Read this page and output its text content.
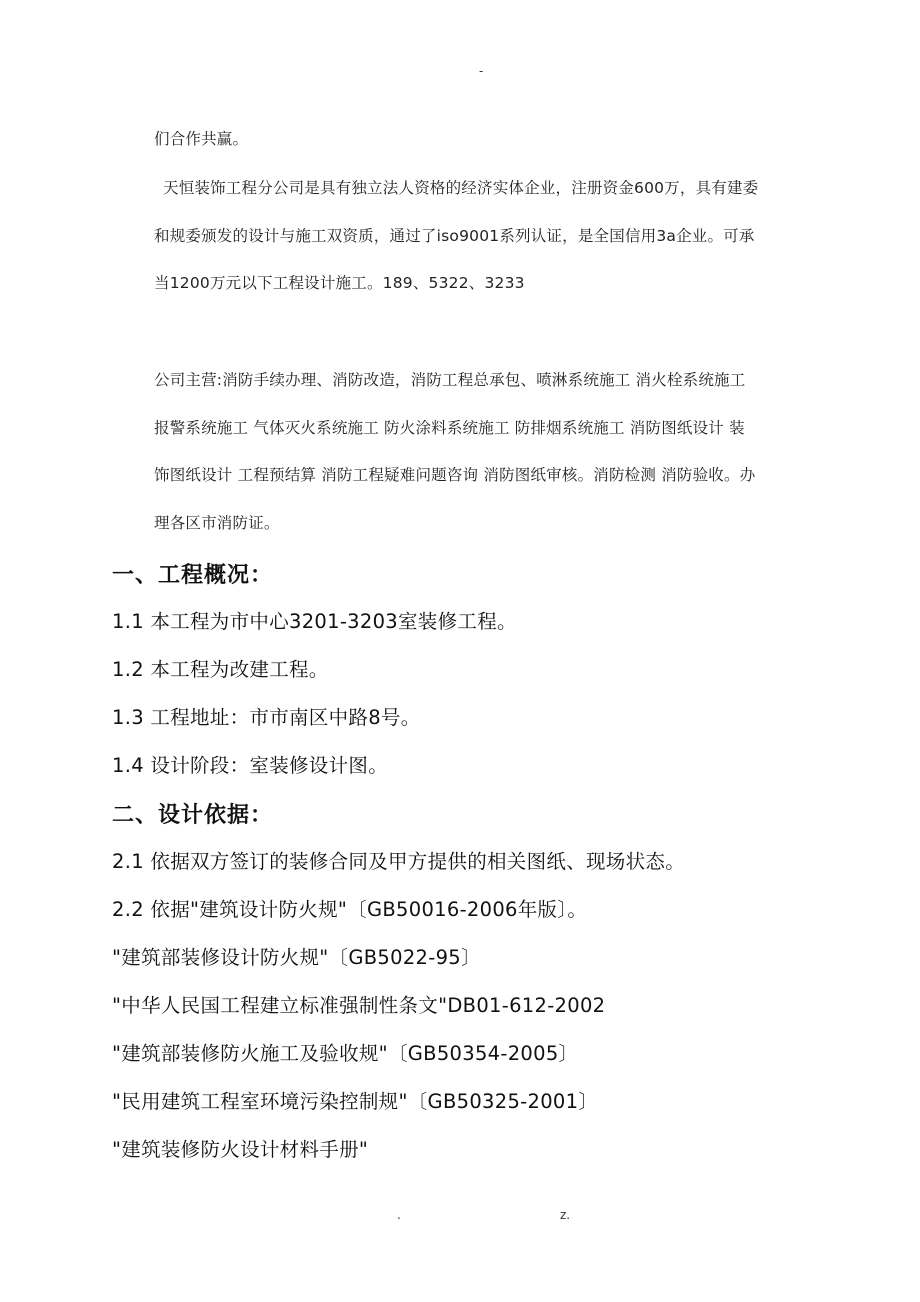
-
们合作共赢。
天恒装饰工程分公司是具有独立法人资格的经济实体企业，注册资金600万，具有建委
和规委颁发的设计与施工双资质，通过了iso9001系列认证，是全国信用3a企业。可承
当1200万元以下工程设计施工。189、5322、3233
公司主营:消防手续办理、消防改造，消防工程总承包、喷淋系统施工 消火栓系统施工
报警系统施工 气体灭火系统施工 防火涂料系统施工 防排烟系统施工 消防图纸设计 装
饰图纸设计 工程预结算 消防工程疑难问题咨询 消防图纸审核。消防检测 消防验收。办
理各区市消防证。
一、工程概况：
1.1 本工程为市中心3201-3203室装修工程。
1.2 本工程为改建工程。
1.3 工程地址：市市南区中路8号。
1.4 设计阶段：室装修设计图。
二、设计依据：
2.1 依据双方签订的装修合同及甲方提供的相关图纸、现场状态。
2.2 依据"建筑设计防火规"〔GB50016-2006年版〕。
"建筑部装修设计防火规"〔GB5022-95〕
"中华人民国工程建立标准强制性条文"DB01-612-2002
"建筑部装修防火施工及验收规"〔GB50354-2005〕
"民用建筑工程室环境污染控制规"〔GB50325-2001〕
"建筑装修防火设计材料手册"
.	z.
